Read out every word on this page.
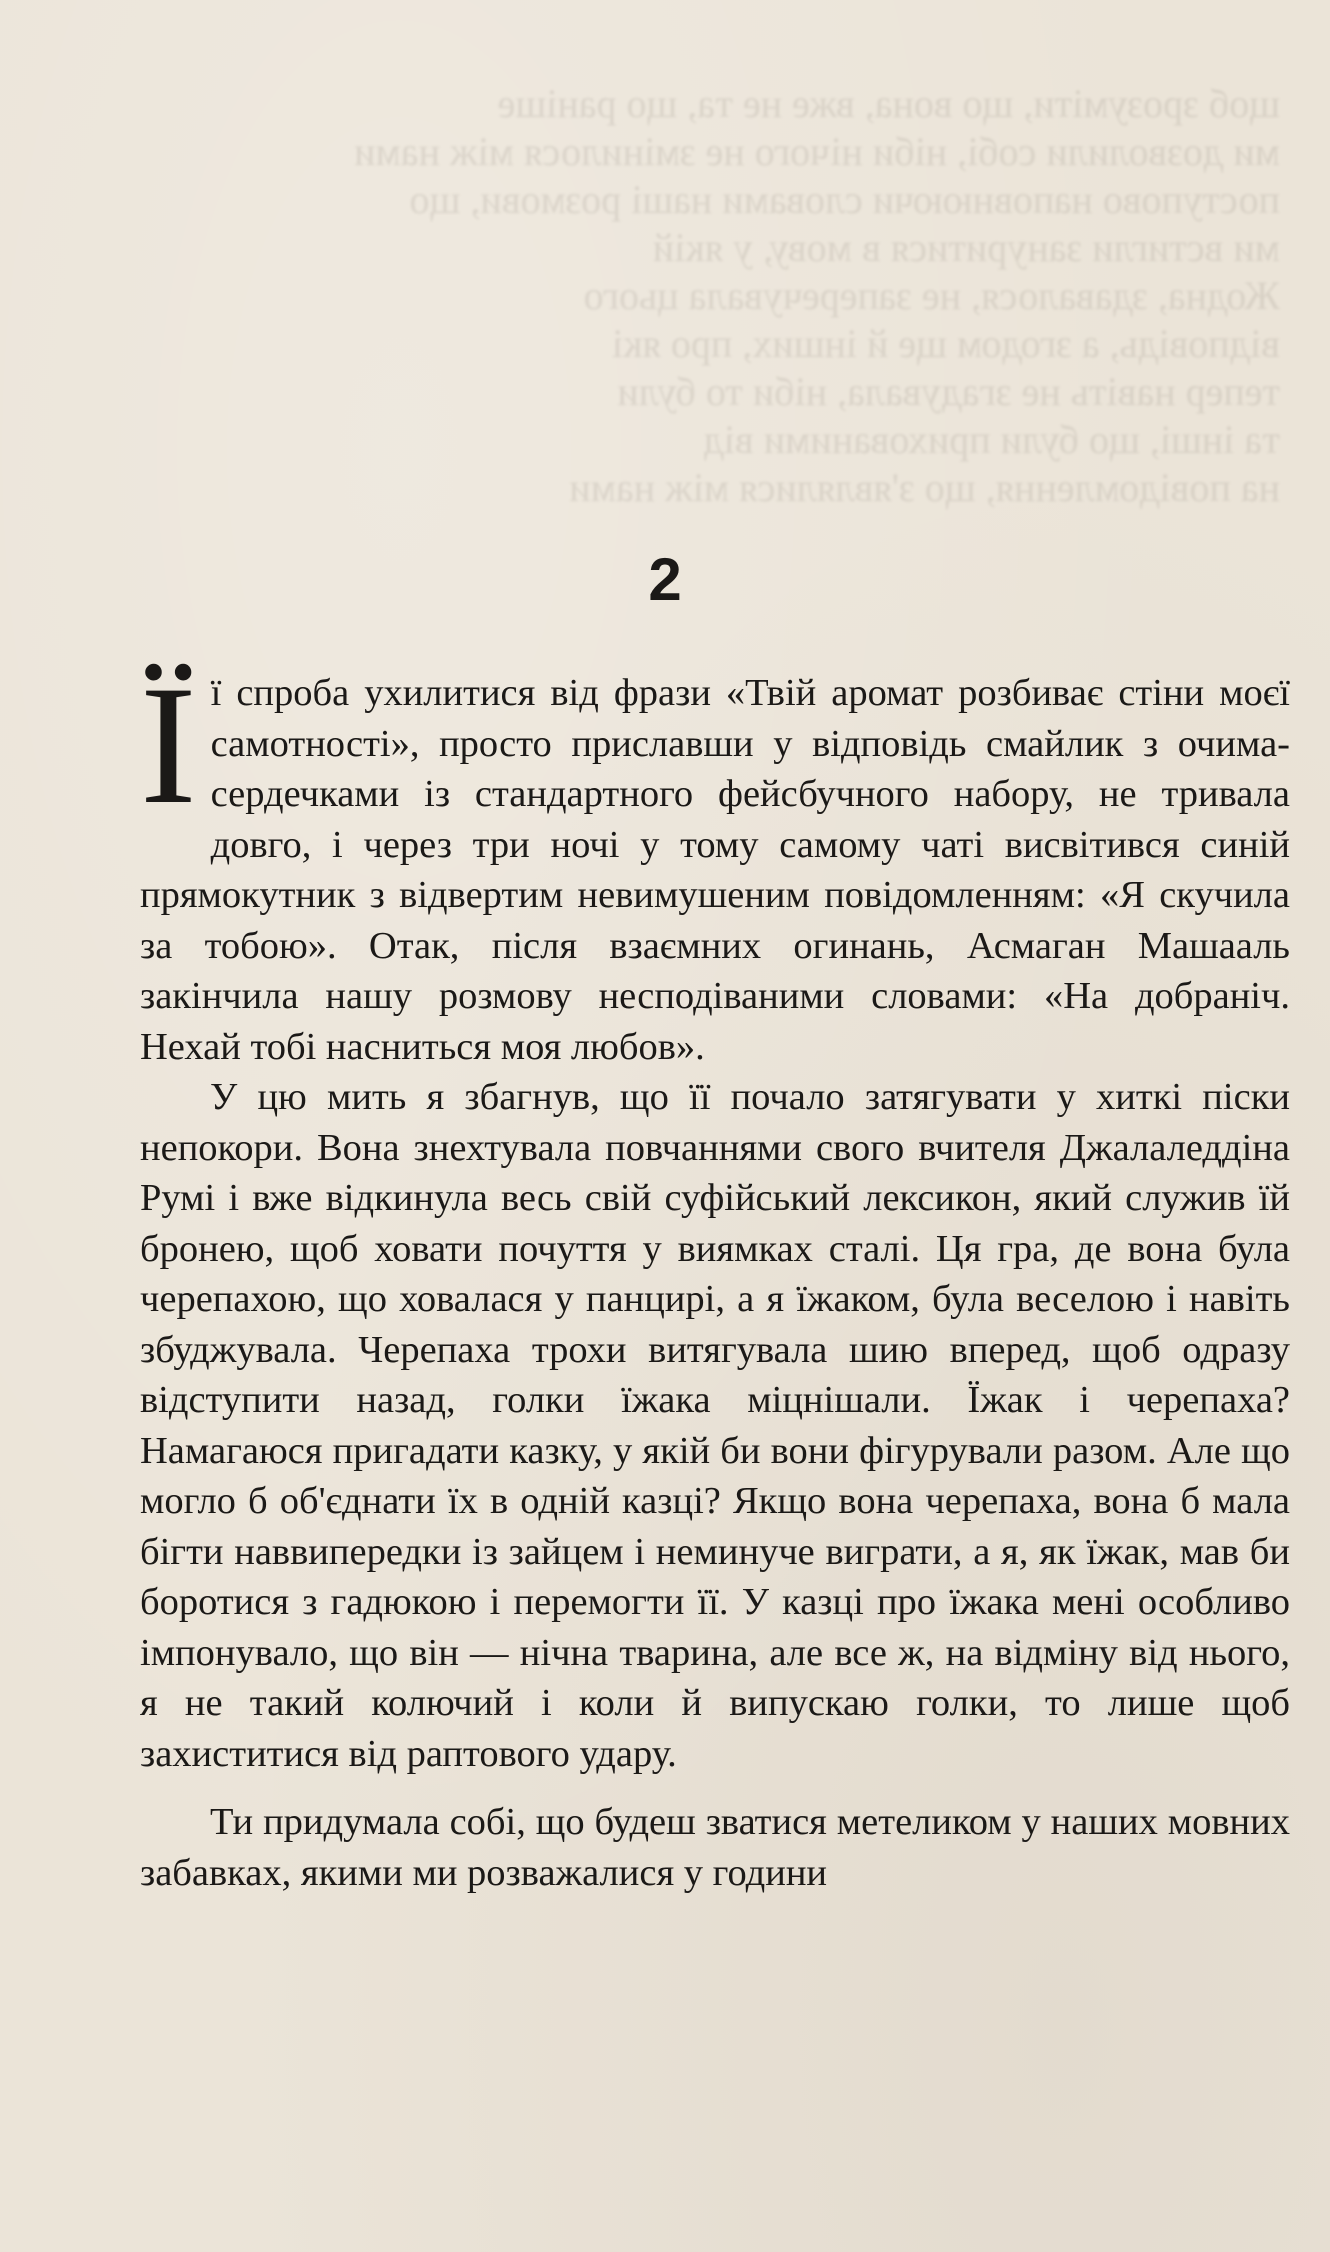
щоб зрозуміти, що вона, вже не та, що раніше
ми дозволили собі, ніби нічого не змінилося між нами
поступово наповнюючи словами наші розмови, що
ми встигли зануритися в мову, у якій
Жодна, здавалося, не заперечувала цього
відповідь, а згодом ще й інших, про які
тепер навіть не згадувала, ніби то були
та інші, що були прихованими від
на повідомлення, що з'являлися між нами
2

Її спроба ухилитися від фрази «Твій аромат розбиває стіни моєї самотності», просто приславши у відповідь смайлик з очима-сердечками із стандартного фейсбучного набору, не тривала довго, і через три ночі у тому самому чаті висвітився синій прямокутник з відвертим невимушеним повідомленням: «Я скучила за тобою». Отак, після взаємних огинань, Асмаган Машааль закінчила нашу розмову несподіваними словами: «На добраніч. Нехай тобі насниться моя любов».

У цю мить я збагнув, що її почало затягувати у хиткі піски непокори. Вона знехтувала повчаннями свого вчителя Джалаледдіна Румі і вже відкинула весь свій суфійський лексикон, який служив їй бронею, щоб ховати почуття у виямках сталі. Ця гра, де вона була черепахою, що ховалася у панцирі, а я їжаком, була веселою і навіть збуджувала. Черепаха трохи витягувала шию вперед, щоб одразу відступити назад, голки їжака міцнішали. Їжак і черепаха? Намагаюся пригадати казку, у якій би вони фігурували разом. Але що могло б об'єднати їх в одній казці? Якщо вона черепаха, вона б мала бігти наввипередки із зайцем і неминуче виграти, а я, як їжак, мав би боротися з гадюкою і перемогти її. У казці про їжака мені особливо імпонувало, що він — нічна тварина, але все ж, на відміну від нього, я не такий колючий і коли й випускаю голки, то лише щоб захиститися від раптового удару.

Ти придумала собі, що будеш зватися метеликом у наших мовних забавках, якими ми розважалися у години
